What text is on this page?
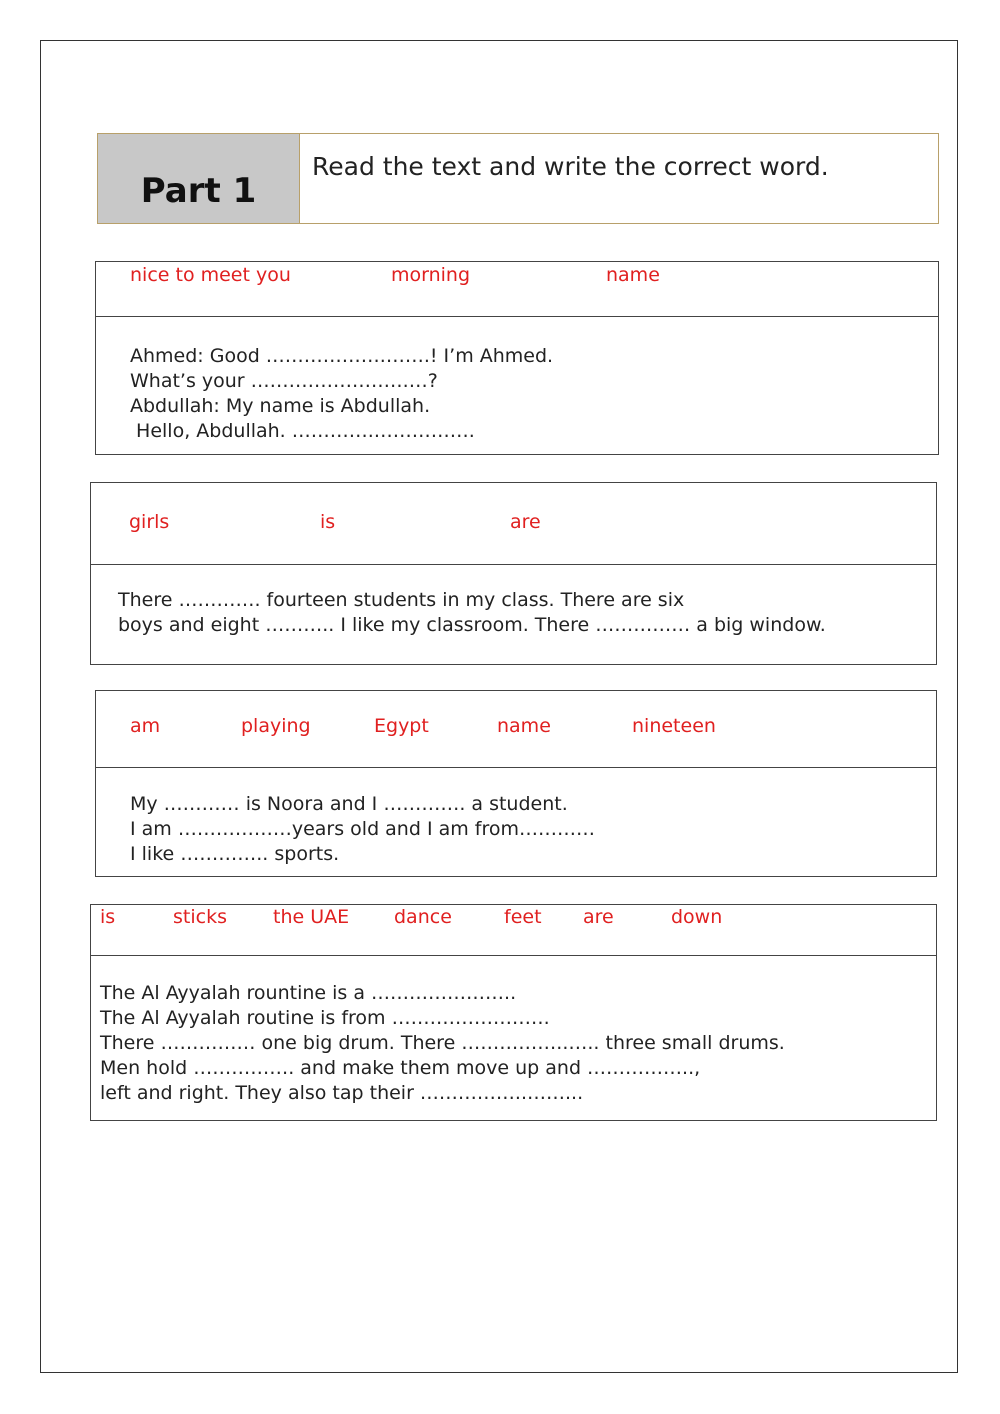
Part 1
Read the text and write the correct word.
nice to meet you	morning	name
Ahmed: Good ……………….…….! I’m Ahmed.
What’s your …………………….…?
Abdullah: My name is Abdullah.
Hello, Abdullah. ………….…………….
girls	is	are
There …………. fourteen students in my class. There are six
boys and eight ……….. I like my classroom. There …………… a big window.
am	playing	Egypt	name	nineteen
My ………… is Noora and I …………. a student.
I am ………………years old and I am from…………
I like ………….. sports.
is	sticks the UAE dance	feet are	down
The Al Ayyalah rountine is a …………………..
The Al Ayyalah routine is from …………………….
There …………… one big drum. There ……………..….. three small drums.
Men hold ……………. and make them move up and ……………..,
left and right. They also tap their ……………..……...
